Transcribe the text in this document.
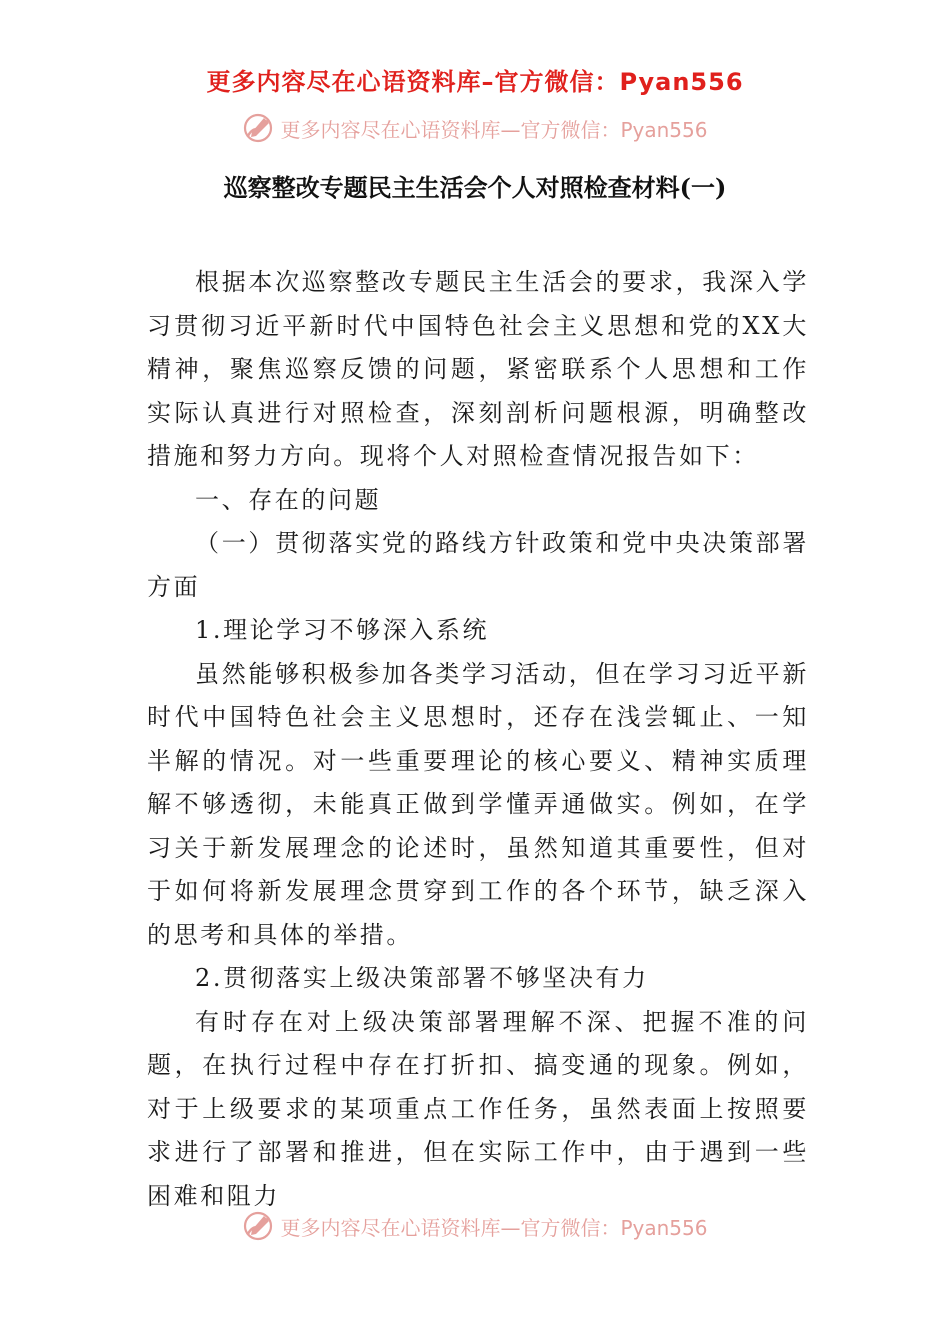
更多内容尽在心语资料库–官方微信：Pyan556
更多内容尽在心语资料库—官方微信：Pyan556
巡察整改专题民主生活会个人对照检查材料(一)

根据本次巡察整改专题民主生活会的要求，我深入学习贯彻习近平新时代中国特色社会主义思想和党的XX大精神，聚焦巡察反馈的问题，紧密联系个人思想和工作实际认真进行对照检查，深刻剖析问题根源，明确整改措施和努力方向。现将个人对照检查情况报告如下：

一、存在的问题

（一）贯彻落实党的路线方针政策和党中央决策部署方面

1.理论学习不够深入系统

虽然能够积极参加各类学习活动，但在学习习近平新时代中国特色社会主义思想时，还存在浅尝辄止、一知半解的情况。对一些重要理论的核心要义、精神实质理解不够透彻，未能真正做到学懂弄通做实。例如，在学习关于新发展理念的论述时，虽然知道其重要性，但对于如何将新发展理念贯穿到工作的各个环节，缺乏深入的思考和具体的举措。

2.贯彻落实上级决策部署不够坚决有力

有时存在对上级决策部署理解不深、把握不准的问题，在执行过程中存在打折扣、搞变通的现象。例如，对于上级要求的某项重点工作任务，虽然表面上按照要求进行了部署和推进，但在实际工作中，由于遇到一些困难和阻力

更多内容尽在心语资料库—官方微信：Pyan556
